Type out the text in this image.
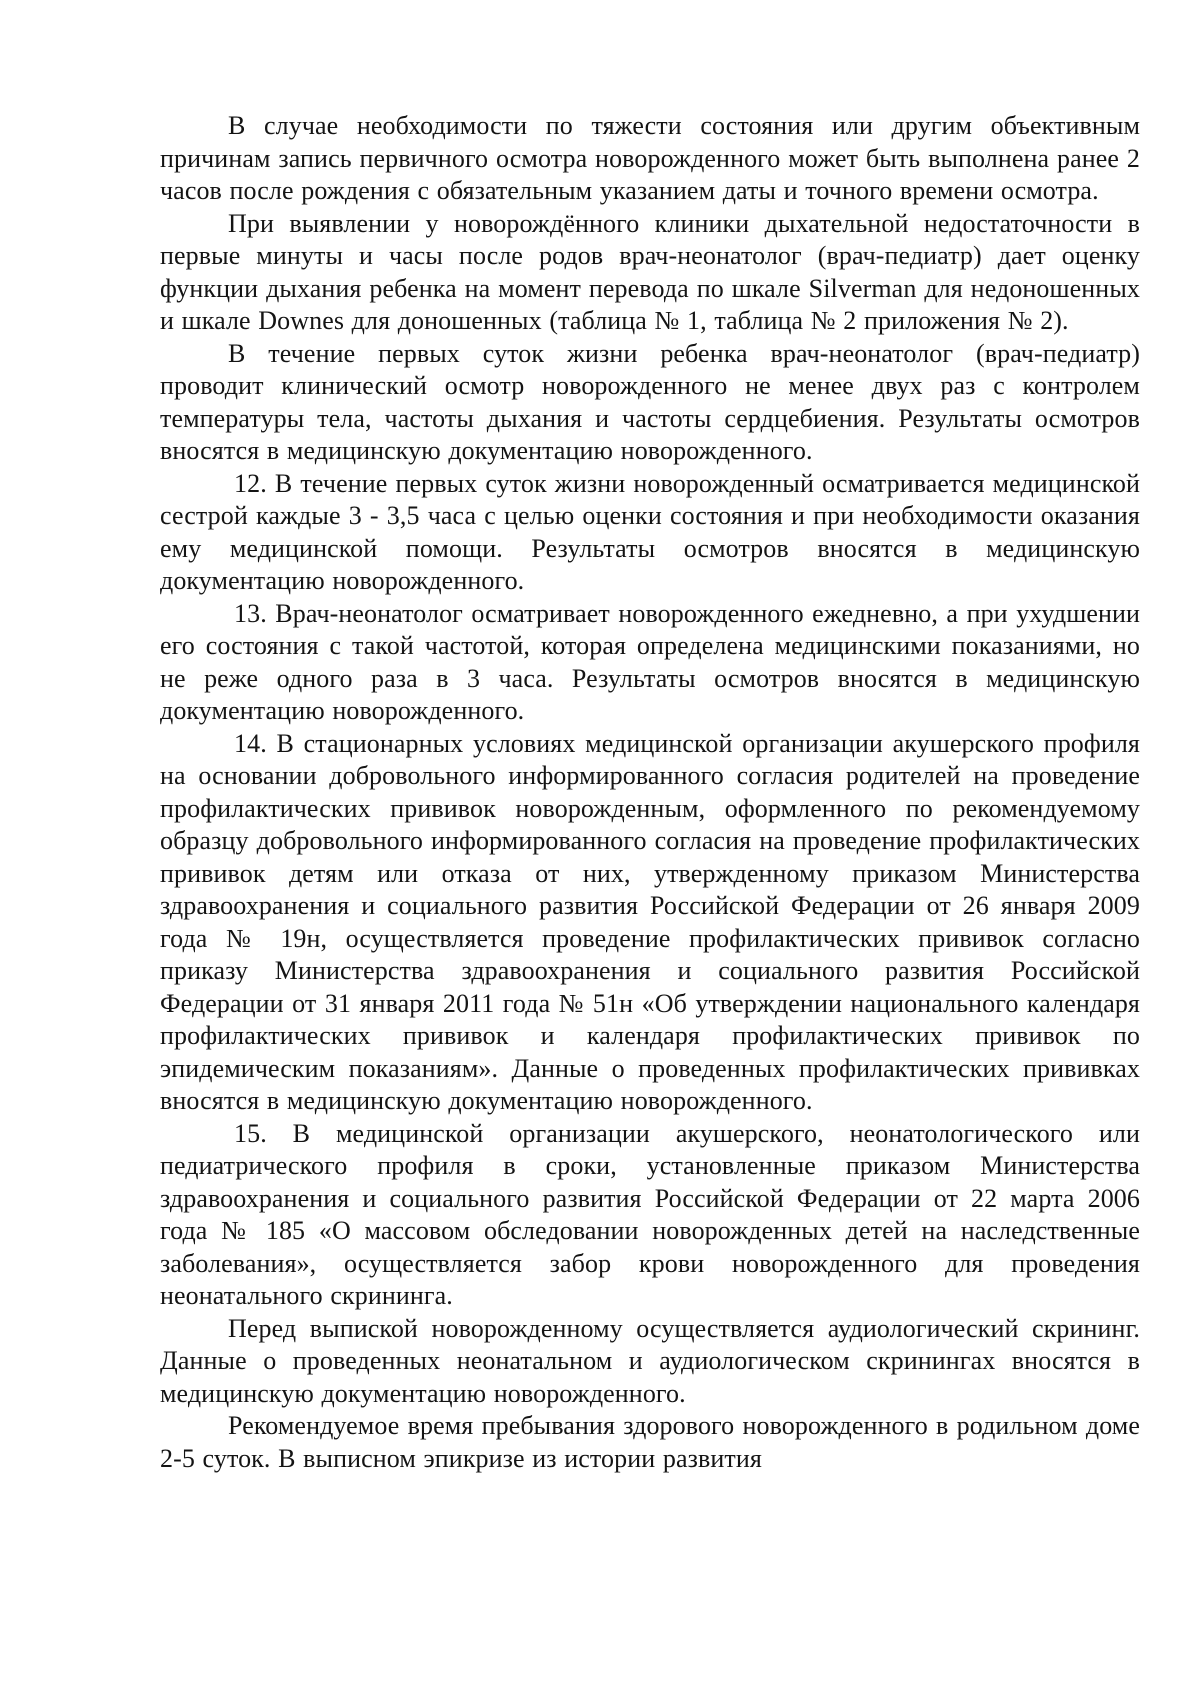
В случае необходимости по тяжести состояния или другим объективным причинам запись первичного осмотра новорожденного может быть выполнена ранее 2 часов после рождения с обязательным указанием даты и точного времени осмотра.

При выявлении у новорождённого клиники дыхательной недостаточности в первые минуты и часы после родов врач-неонатолог (врач-педиатр) дает оценку функции дыхания ребенка на момент перевода по шкале Silverman для недоношенных и шкале Downes для доношенных (таблица № 1, таблица № 2 приложения № 2).

В течение первых суток жизни ребенка врач-неонатолог (врач-педиатр) проводит клинический осмотр новорожденного не менее двух раз с контролем температуры тела, частоты дыхания и частоты сердцебиения. Результаты осмотров вносятся в медицинскую документацию новорожденного.

12. В течение первых суток жизни новорожденный осматривается медицинской сестрой каждые 3 - 3,5 часа с целью оценки состояния и при необходимости оказания ему медицинской помощи. Результаты осмотров вносятся в медицинскую документацию новорожденного.

13. Врач-неонатолог осматривает новорожденного ежедневно, а при ухудшении его состояния с такой частотой, которая определена медицинскими показаниями, но не реже одного раза в 3 часа. Результаты осмотров вносятся в медицинскую документацию новорожденного.

14. В стационарных условиях медицинской организации акушерского профиля на основании добровольного информированного согласия родителей на проведение профилактических прививок новорожденным, оформленного по рекомендуемому образцу добровольного информированного согласия на проведение профилактических прививок детям или отказа от них, утвержденному приказом Министерства здравоохранения и социального развития Российской Федерации от 26 января 2009 года № 19н, осуществляется проведение профилактических прививок согласно приказу Министерства здравоохранения и социального развития Российской Федерации от 31 января 2011 года № 51н «Об утверждении национального календаря профилактических прививок и календаря профилактических прививок по эпидемическим показаниям». Данные о проведенных профилактических прививках вносятся в медицинскую документацию новорожденного.

15. В медицинской организации акушерского, неонатологического или педиатрического профиля в сроки, установленные приказом Министерства здравоохранения и социального развития Российской Федерации от 22 марта 2006 года № 185 «О массовом обследовании новорожденных детей на наследственные заболевания», осуществляется забор крови новорожденного для проведения неонатального скрининга.

Перед выпиской новорожденному осуществляется аудиологический скрининг. Данные о проведенных неонатальном и аудиологическом скринингах вносятся в медицинскую документацию новорожденного.

Рекомендуемое время пребывания здорового новорожденного в родильном доме 2-5 суток. В выписном эпикризе из истории развития
